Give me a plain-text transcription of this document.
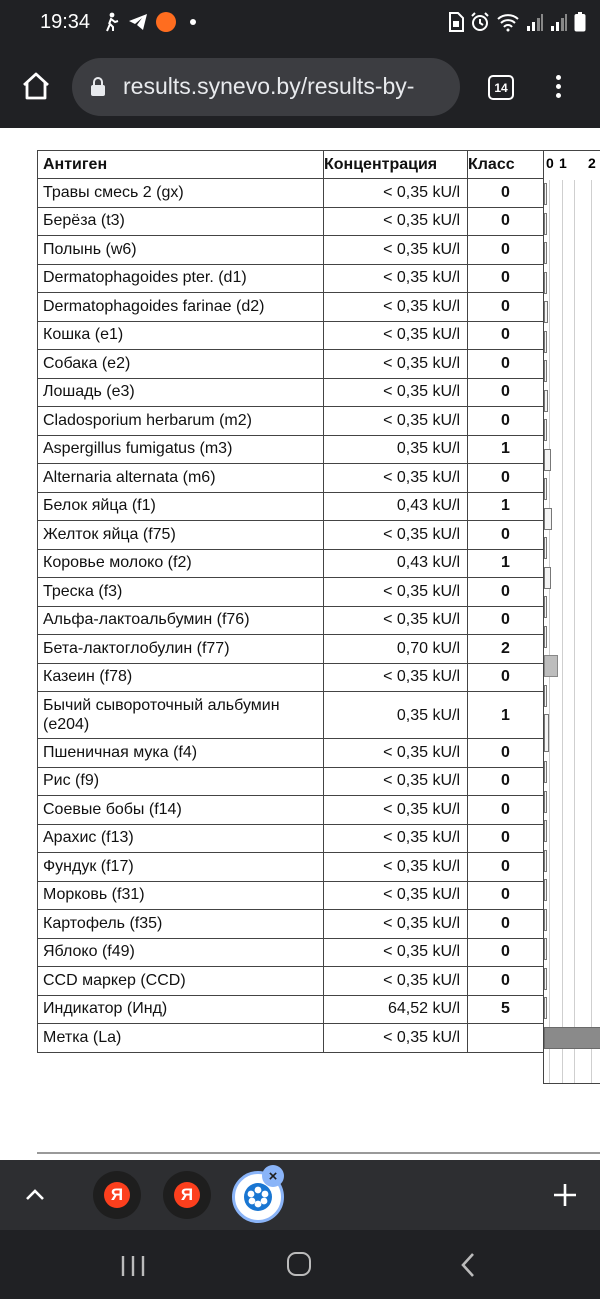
19:34
results.synevo.by/results-by-	14
Антиген	Концентрация	Класс
Травы смесь 2 (gx)	< 0,35 kU/l	0
Берёза (t3)	< 0,35 kU/l	0
Полынь (w6)	< 0,35 kU/l	0
Dermatophagoides pter. (d1)	< 0,35 kU/l	0
Dermatophagoides farinae (d2)	< 0,35 kU/l	0
Кошка (e1)	< 0,35 kU/l	0
Собака (e2)	< 0,35 kU/l	0
Лошадь (e3)	< 0,35 kU/l	0
Cladosporium herbarum (m2)	< 0,35 kU/l	0
Aspergillus fumigatus (m3)	0,35 kU/l	1
Alternaria alternata (m6)	< 0,35 kU/l	0
Белок яйца (f1)	0,43 kU/l	1
Желток яйца (f75)	< 0,35 kU/l	0
Коровье молоко (f2)	0,43 kU/l	1
Треска (f3)	< 0,35 kU/l	0
Альфа-лактоальбумин (f76)	< 0,35 kU/l	0
Бета-лактоглобулин (f77)	0,70 kU/l	2
Казеин (f78)	< 0,35 kU/l	0
Бычий сывороточный альбумин (e204)	0,35 kU/l	1
Пшеничная мука (f4)	< 0,35 kU/l	0
Рис (f9)	< 0,35 kU/l	0
Соевые бобы (f14)	< 0,35 kU/l	0
Арахис (f13)	< 0,35 kU/l	0
Фундук (f17)	< 0,35 kU/l	0
Морковь (f31)	< 0,35 kU/l	0
Картофель (f35)	< 0,35 kU/l	0
Яблоко (f49)	< 0,35 kU/l	0
CCD маркер (CCD)	< 0,35 kU/l	0
Индикатор (Инд)	64,52 kU/l	5
Метка (La)	< 0,35 kU/l	
0 1 2
Я	Я
×
